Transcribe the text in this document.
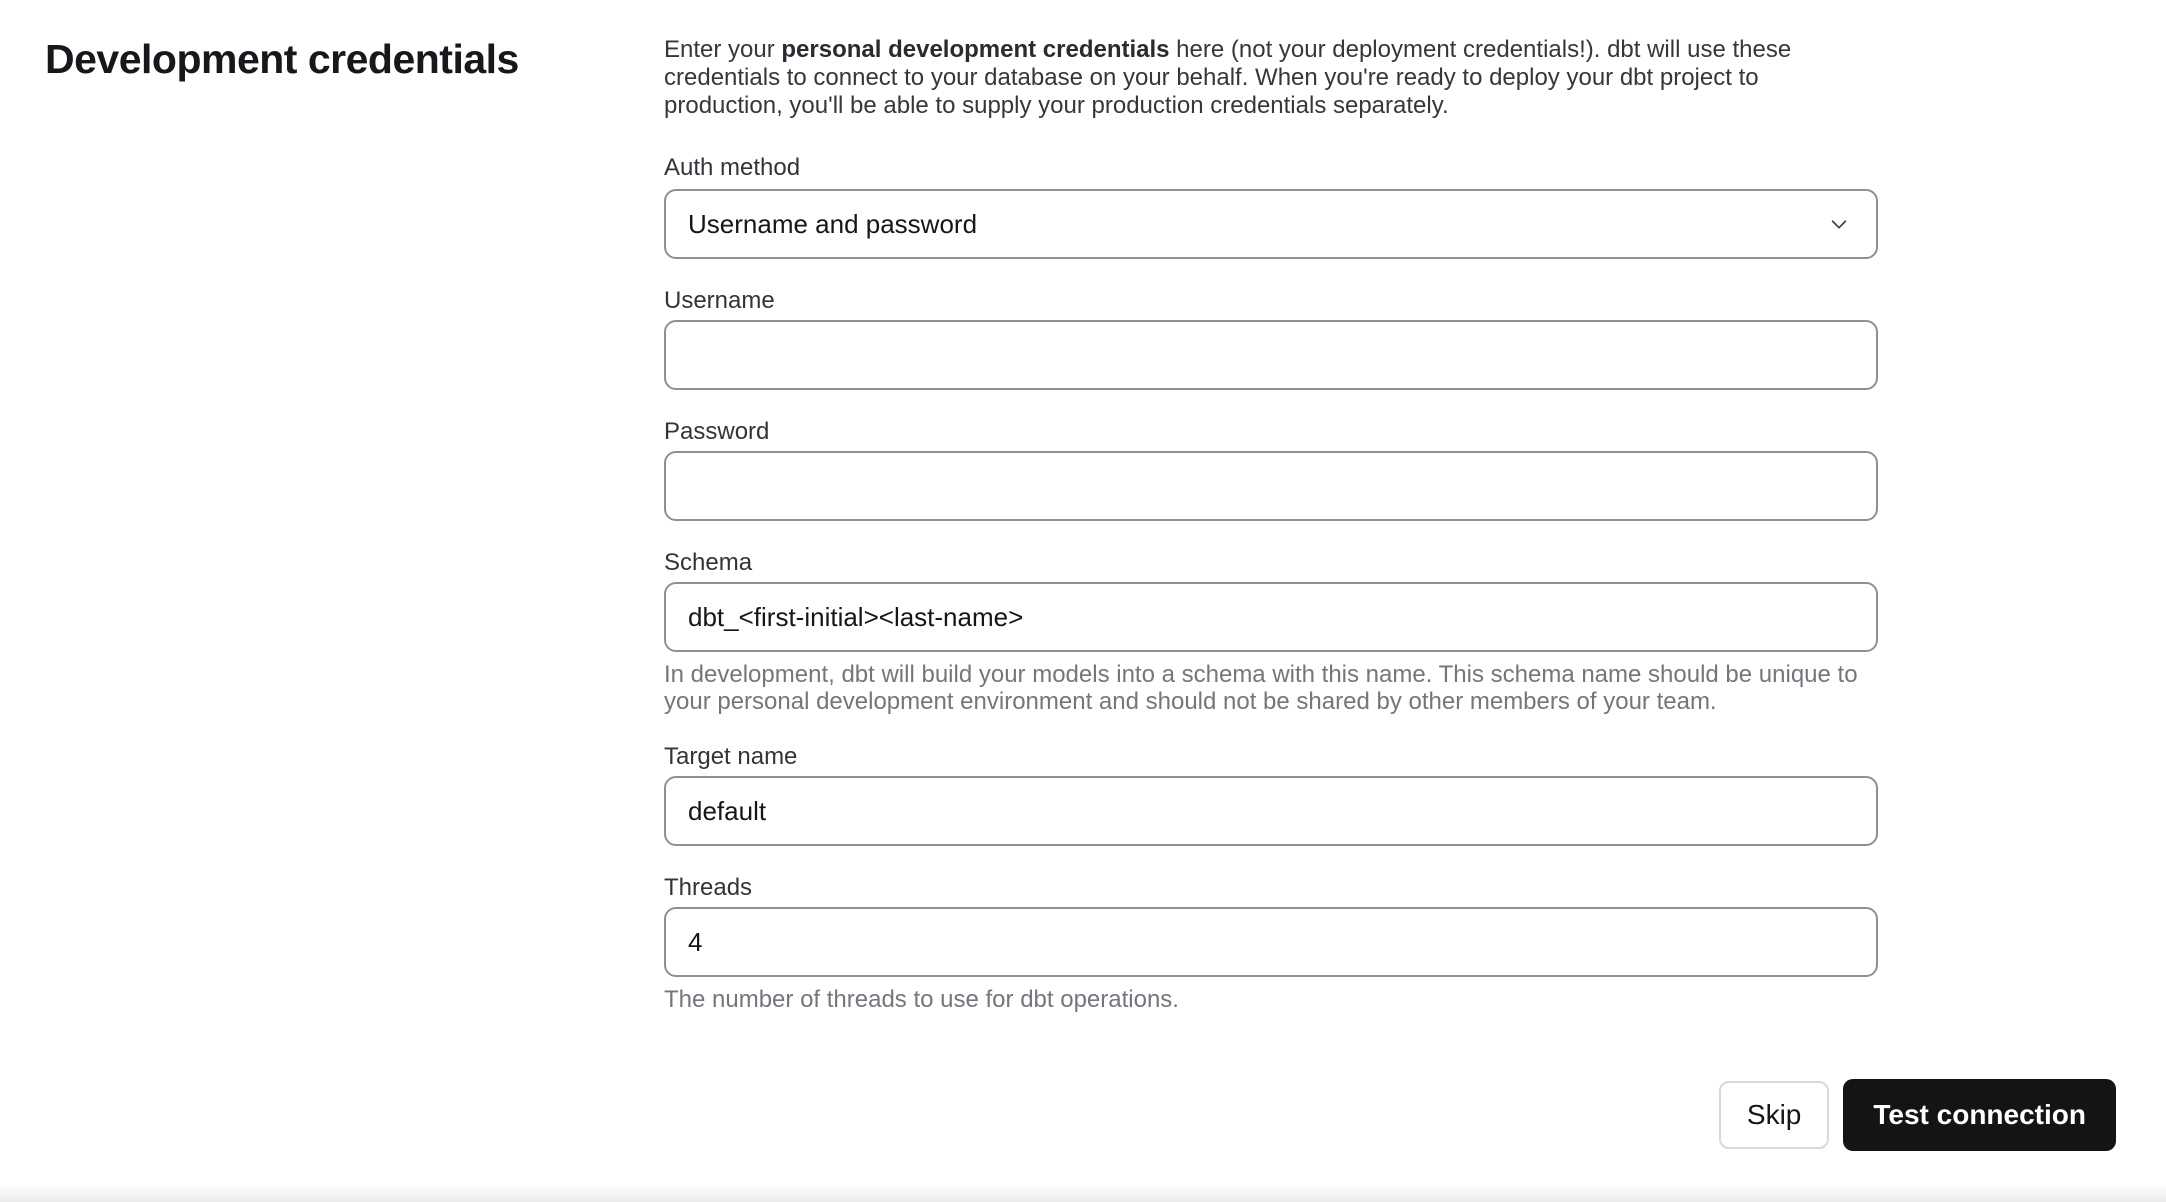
Development credentials	Enter your personal development credentials here (not your deployment credentials!). dbt will use these credentials to connect to your database on your behalf. When you're ready to deploy your dbt project to production, you'll be able to supply your production credentials separately.

Auth method
Username and password
Username
Password
Schema
dbt_<first-initial><last-name>

In development, dbt will build your models into a schema with this name. This schema name should be unique to your personal development environment and should not be shared by other members of your team.

Target name
default
Threads
4

The number of threads to use for dbt operations.

Skip	Test connection
